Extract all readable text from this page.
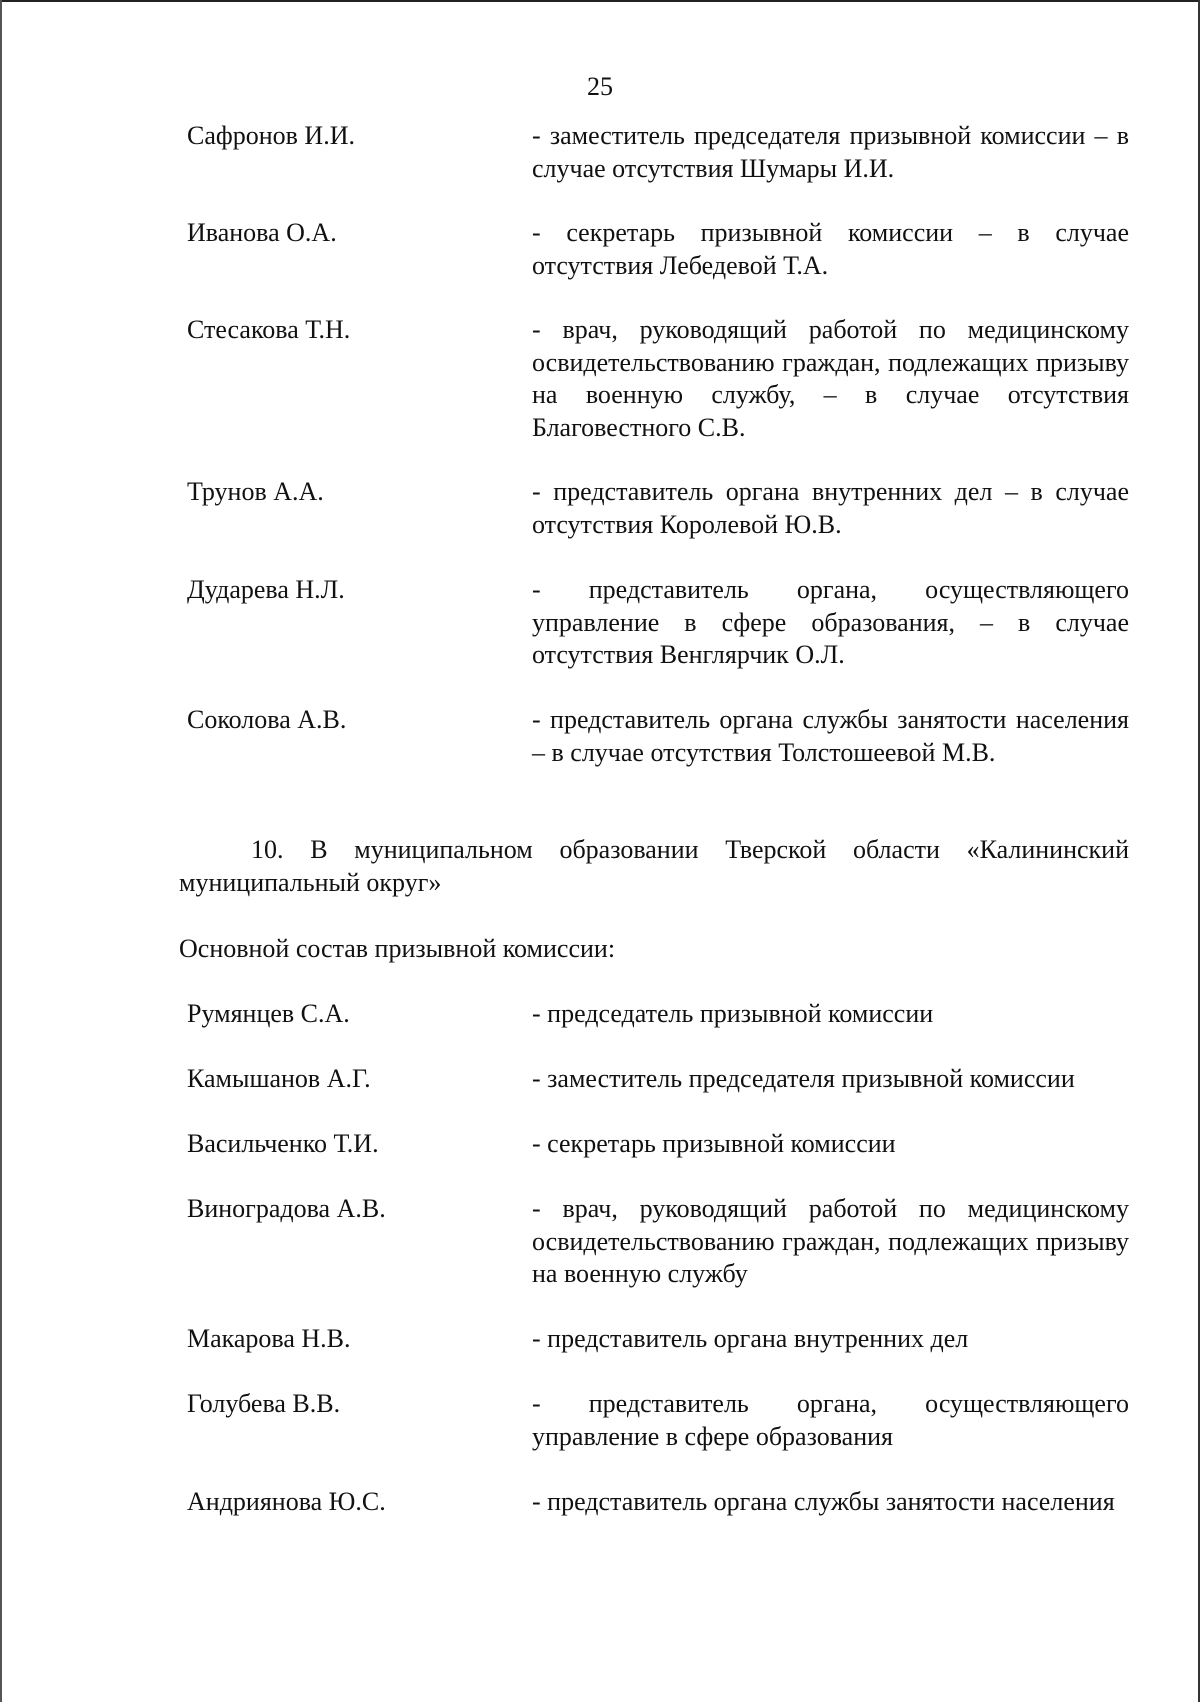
25
Сафронов И.И.	- заместитель председателя призывной комиссии – в случае отсутствия Шумары И.И.
Иванова О.А.	- секретарь призывной комиссии – в случае отсутствия Лебедевой Т.А.
Стесакова Т.Н.	- врач, руководящий работой по медицинскому освидетельствованию граждан, подлежащих призыву на военную службу, – в случае отсутствия Благовестного С.В.
Трунов А.А.	- представитель органа внутренних дел – в случае отсутствия Королевой Ю.В.
Дударева Н.Л.	- представитель органа, осуществляющего управление в сфере образования, – в случае отсутствия Венглярчик О.Л.
Соколова А.В.	- представитель органа службы занятости населения – в случае отсутствия Толстошеевой М.В.
10. В муниципальном образовании Тверской области «Калининский муниципальный округ»
Основной состав призывной комиссии:
Румянцев С.А.	- председатель призывной комиссии
Камышанов А.Г.	- заместитель председателя призывной комиссии
Васильченко Т.И.	- секретарь призывной комиссии
Виноградова А.В.	- врач, руководящий работой по медицинскому освидетельствованию граждан, подлежащих призыву на военную службу
Макарова Н.В.	- представитель органа внутренних дел
Голубева В.В.	- представитель органа, осуществляющего управление в сфере образования
Андриянова Ю.С.	- представитель органа службы занятости населения
